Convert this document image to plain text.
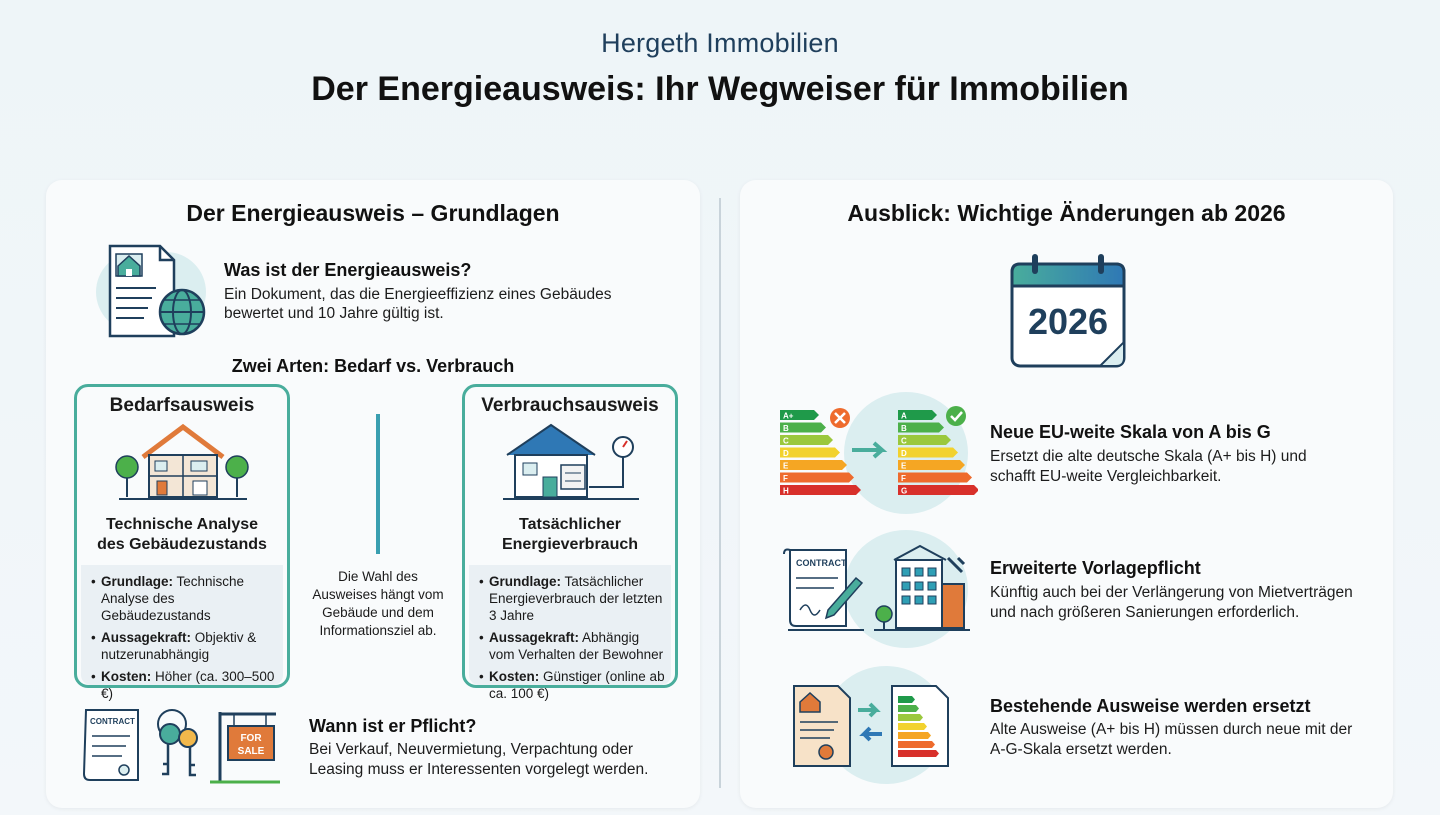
Hergeth Immobilien
Der Energieausweis: Ihr Wegweiser für Immobilien
Der Energieausweis – Grundlagen
Was ist der Energieausweis?
Ein Dokument, das die Energieeffizienz eines Gebäudes
bewertet und 10 Jahre gültig ist.
Zwei Arten: Bedarf vs. Verbrauch
Bedarfsausweis
Technische Analyse
des Gebäudezustands
• Grundlage: Technische Analyse des Gebäudezustands
• Aussagekraft: Objektiv & nutzerunabhängig
• Kosten: Höher (ca. 300–500 €)
Die Wahl des Ausweises hängt vom Gebäude und dem Informationsziel ab.
Verbrauchsausweis
Tatsächlicher
Energieverbrauch
• Grundlage: Tatsächlicher Energieverbrauch der letzten 3 Jahre
• Aussagekraft: Abhängig vom Verhalten der Bewohner
• Kosten: Günstiger (online ab ca. 100 €)
CONTRACT
FOR
SALE
Wann ist er Pflicht?
Bei Verkauf, Neuvermietung, Verpachtung oder
Leasing muss er Interessenten vorgelegt werden.
Ausblick: Wichtige Änderungen ab 2026
2026
A+
B
C
D
E
F
H
A
B
C
D
E
F
G
Neue EU-weite Skala von A bis G
Ersetzt die alte deutsche Skala (A+ bis H) und
schafft EU-weite Vergleichbarkeit.
CONTRACT	Erweiterte Vorlagepflicht
Künftig auch bei der Verlängerung von Mietverträgen
und nach größeren Sanierungen erforderlich.
Bestehende Ausweise werden ersetzt
Alte Ausweise (A+ bis H) müssen durch neue mit der
A-G-Skala ersetzt werden.
